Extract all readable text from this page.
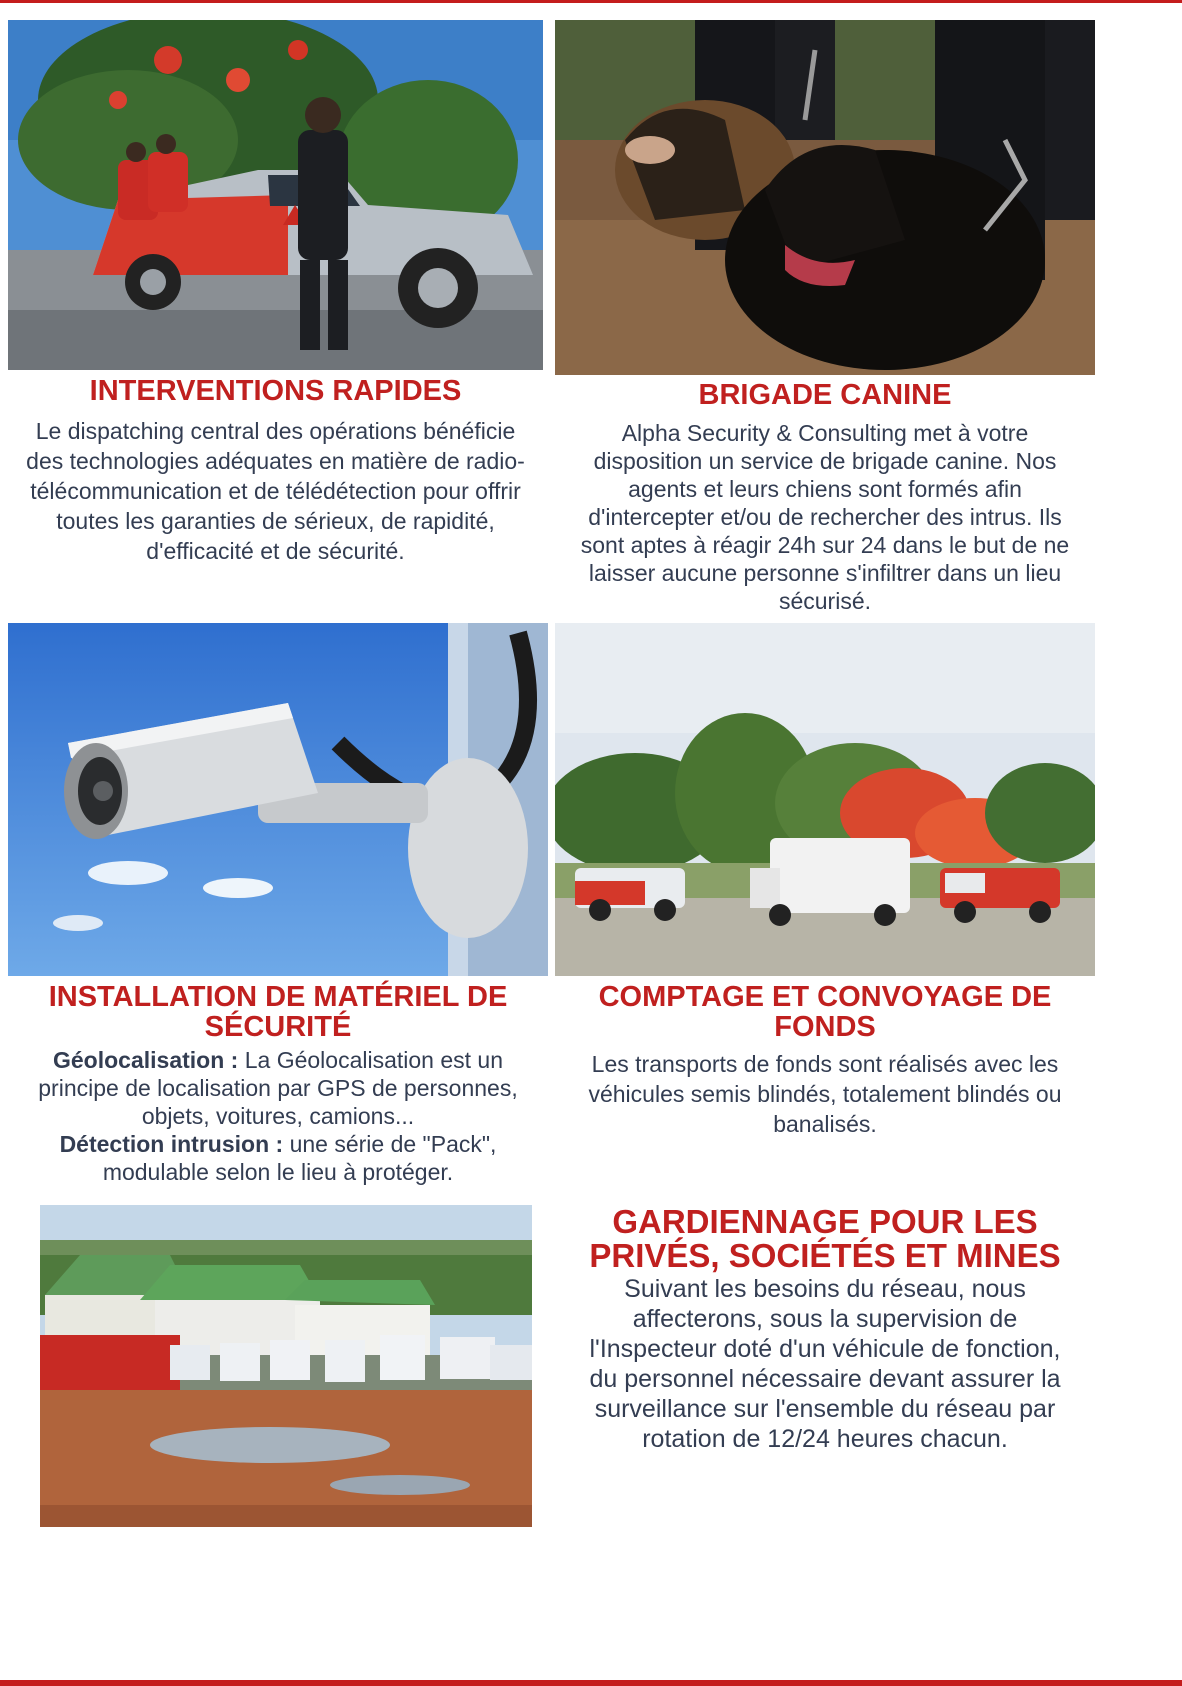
INTERVENTIONS RAPIDES

Le dispatching central des opérations bénéficie
des technologies adéquates en matière de radio-
télécommunication et de télédétection pour offrir
toutes les garanties de sérieux, de rapidité,
d'efficacité et de sécurité.

BRIGADE CANINE

Alpha Security & Consulting met à votre
disposition un service de brigade canine. Nos
agents et leurs chiens sont formés afin
d'intercepter et/ou de rechercher des intrus. Ils
sont aptes à réagir 24h sur 24 dans le but de ne
laisser aucune personne s'infiltrer dans un lieu
sécurisé.

INSTALLATION DE MATÉRIEL DE
SÉCURITÉ

Géolocalisation : La Géolocalisation est un
principe de localisation par GPS de personnes,
objets, voitures, camions...
Détection intrusion : une série de "Pack",
modulable selon le lieu à protéger.

COMPTAGE ET CONVOYAGE DE
FONDS

Les transports de fonds sont réalisés avec les
véhicules semis blindés, totalement blindés ou
banalisés.

GARDIENNAGE POUR LES
PRIVÉS, SOCIÉTÉS ET MINES

Suivant les besoins du réseau, nous
affecterons, sous la supervision de
l'Inspecteur doté d'un véhicule de fonction,
du personnel nécessaire devant assurer la
surveillance sur l'ensemble du réseau par
rotation de 12/24 heures chacun.
